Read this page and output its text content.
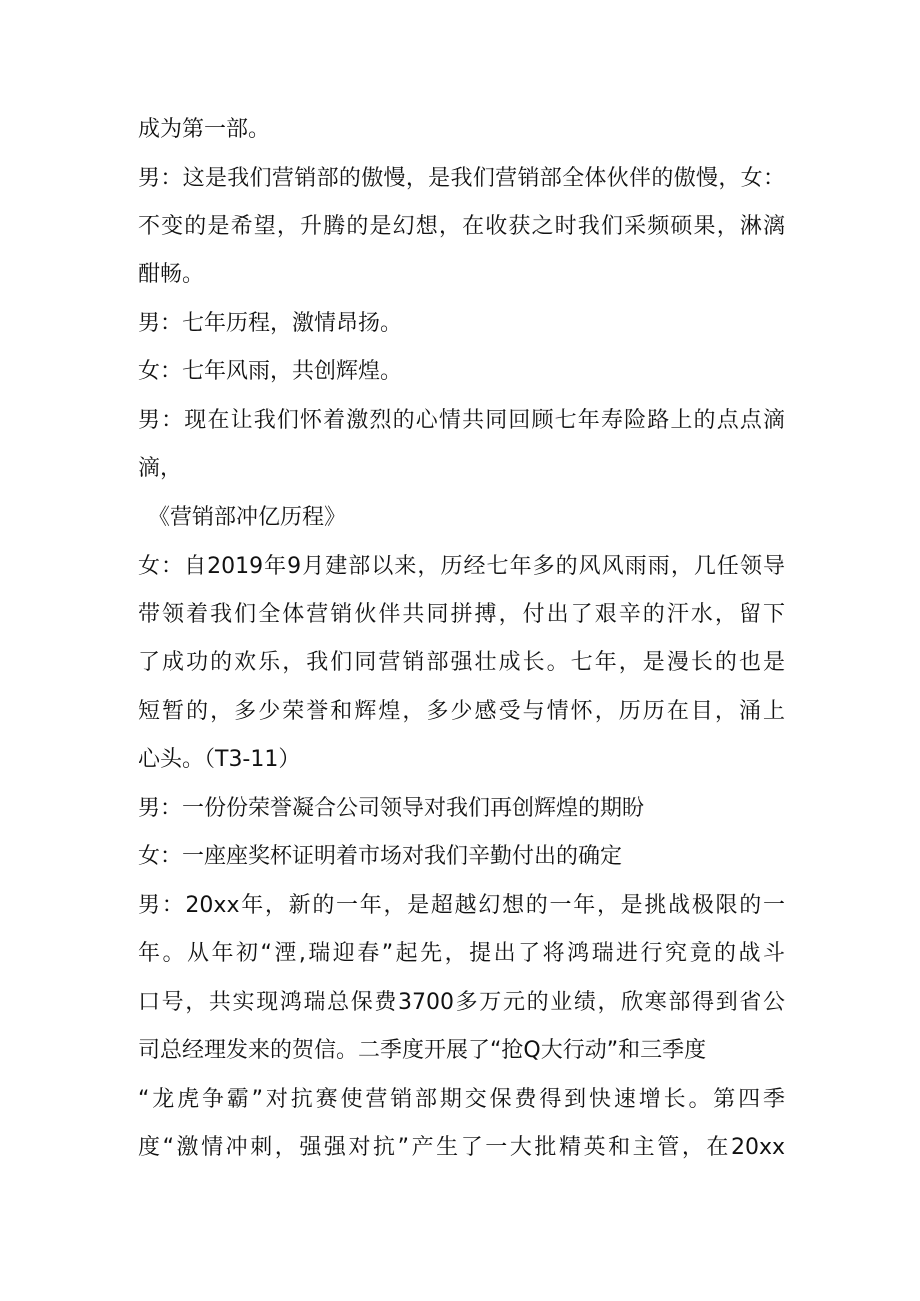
成为第一部。
男：这是我们营销部的傲慢，是我们营销部全体伙伴的傲慢，女：
不变的是希望，升腾的是幻想，在收获之时我们采频硕果，淋漓
酣畅。
男：七年历程，激情昂扬。
女：七年风雨，共创辉煌。
男：现在让我们怀着激烈的心情共同回顾七年寿险路上的点点滴
滴，
《营销部冲亿历程》
女：自2019年9月建部以来，历经七年多的风风雨雨，几任领导
带领着我们全体营销伙伴共同拼搏，付出了艰辛的汗水，留下
了成功的欢乐，我们同营销部强壮成长。七年，是漫长的也是
短暂的，多少荣誉和辉煌，多少感受与情怀，历历在目，涌上
心头。（T3-11）
男：一份份荣誉凝合公司领导对我们再创辉煌的期盼
女：一座座奖杯证明着市场对我们辛勤付出的确定
男：20xx年，新的一年，是超越幻想的一年，是挑战极限的一
年。从年初“湮,瑞迎春”起先，提出了将鸿瑞进行究竟的战斗
口号，共实现鸿瑞总保费3700多万元的业绩，欣寒部得到省公
司总经理发来的贺信。二季度开展了“抢Q大行动”和三季度
“龙虎争霸”对抗赛使营销部期交保费得到快速增长。第四季
度“激情冲刺，强强对抗”产生了一大批精英和主管，在20xx
